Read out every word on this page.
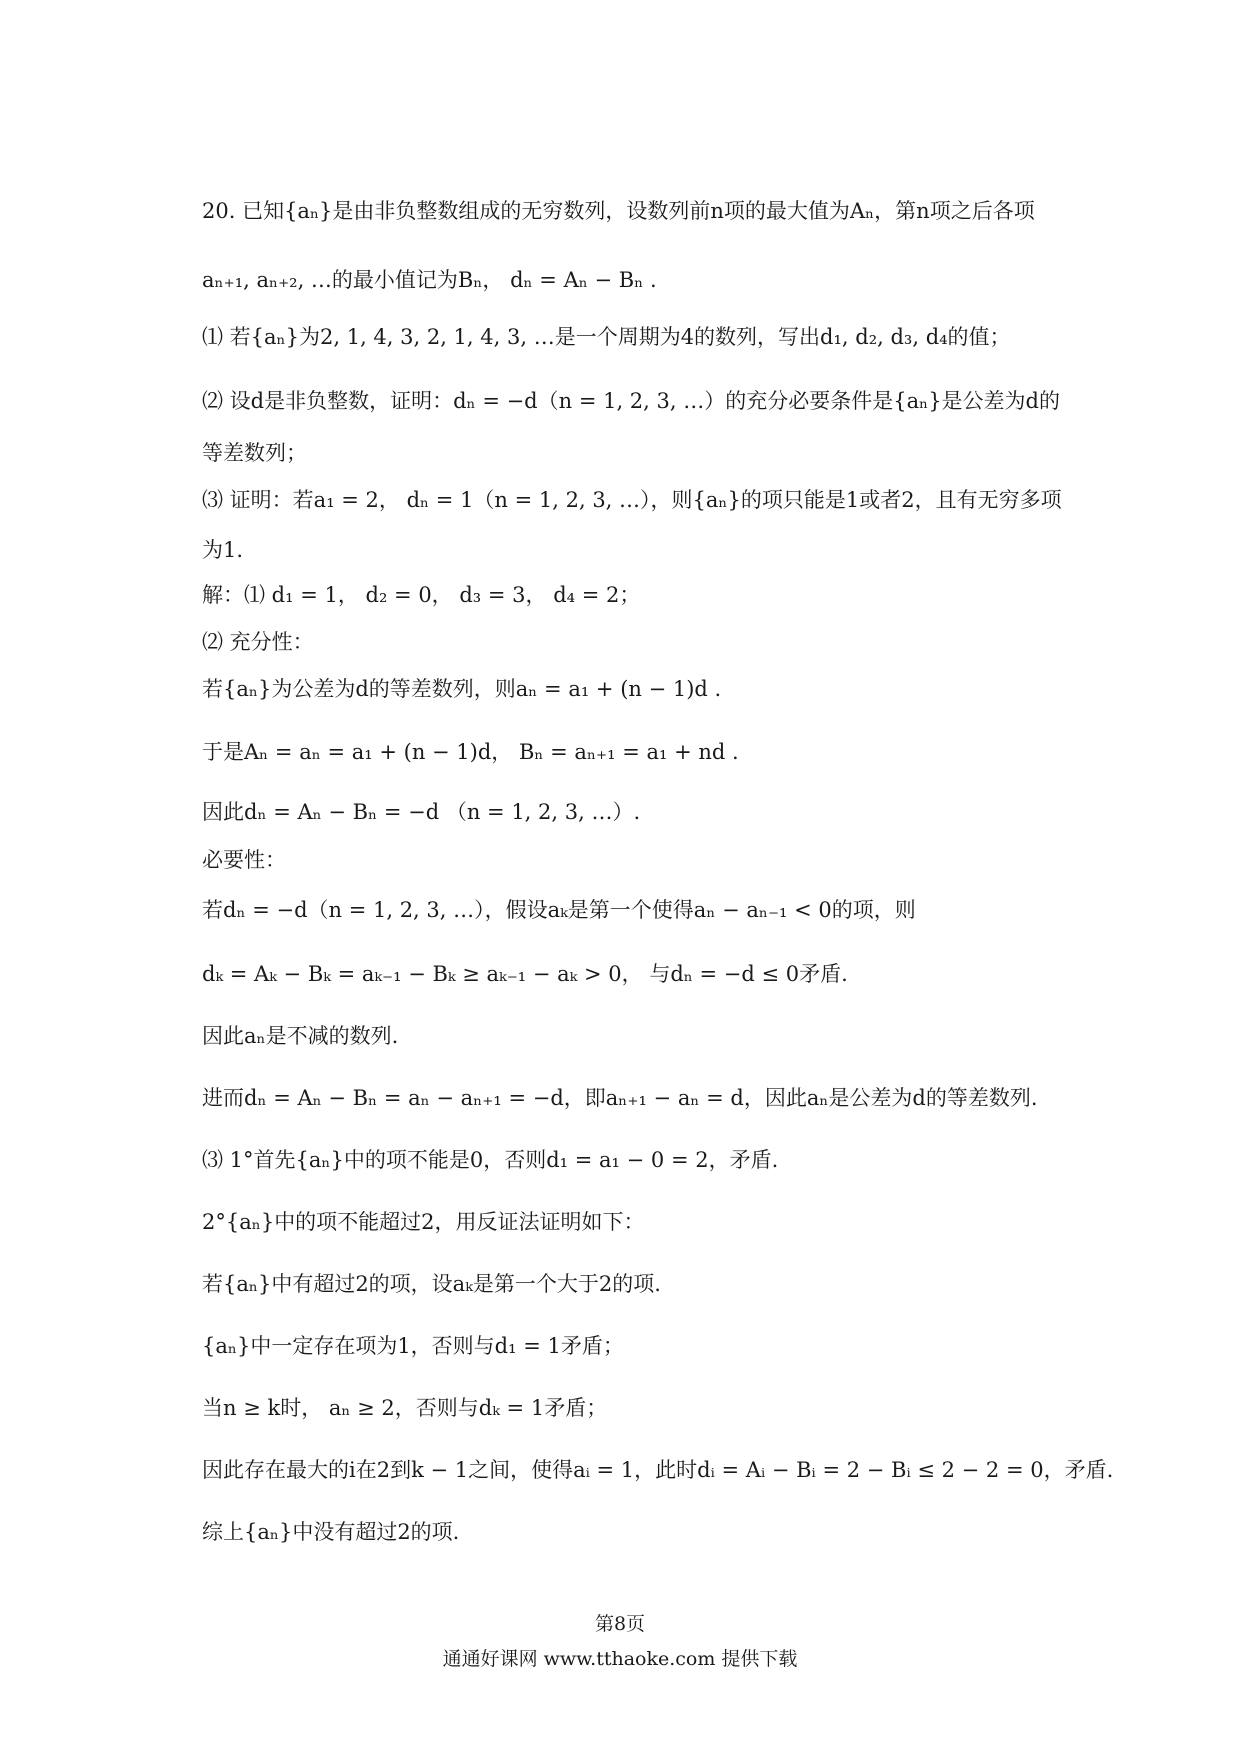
20. 已知{aₙ}是由非负整数组成的无穷数列，设数列前n项的最大值为Aₙ，第n项之后各项
aₙ₊₁, aₙ₊₂, …的最小值记为Bₙ， dₙ = Aₙ − Bₙ .
⑴ 若{aₙ}为2, 1, 4, 3, 2, 1, 4, 3, …是一个周期为4的数列，写出d₁, d₂, d₃, d₄的值；
⑵ 设d是非负整数，证明：dₙ = −d（n = 1, 2, 3, …）的充分必要条件是{aₙ}是公差为d的
等差数列；
⑶ 证明：若a₁ = 2， dₙ = 1（n = 1, 2, 3, …），则{aₙ}的项只能是1或者2，且有无穷多项
为1.
解：⑴ d₁ = 1， d₂ = 0， d₃ = 3， d₄ = 2；
⑵ 充分性：
若{aₙ}为公差为d的等差数列，则aₙ = a₁ + (n − 1)d .
于是Aₙ = aₙ = a₁ + (n − 1)d， Bₙ = aₙ₊₁ = a₁ + nd .
因此dₙ = Aₙ − Bₙ = −d （n = 1, 2, 3, …）.
必要性：
若dₙ = −d（n = 1, 2, 3, …），假设aₖ是第一个使得aₙ − aₙ₋₁ < 0的项，则
dₖ = Aₖ − Bₖ = aₖ₋₁ − Bₖ ≥ aₖ₋₁ − aₖ > 0， 与dₙ = −d ≤ 0矛盾.
因此aₙ是不减的数列.
进而dₙ = Aₙ − Bₙ = aₙ − aₙ₊₁ = −d，即aₙ₊₁ − aₙ = d，因此aₙ是公差为d的等差数列.
⑶ 1°首先{aₙ}中的项不能是0，否则d₁ = a₁ − 0 = 2，矛盾.
2°{aₙ}中的项不能超过2，用反证法证明如下：
若{aₙ}中有超过2的项，设aₖ是第一个大于2的项.
{aₙ}中一定存在项为1，否则与d₁ = 1矛盾；
当n ≥ k时， aₙ ≥ 2，否则与dₖ = 1矛盾；
因此存在最大的i在2到k − 1之间，使得aᵢ = 1，此时dᵢ = Aᵢ − Bᵢ = 2 − Bᵢ ≤ 2 − 2 = 0，矛盾.
综上{aₙ}中没有超过2的项.
第8页
通通好课网 www.tthaoke.com 提供下载
